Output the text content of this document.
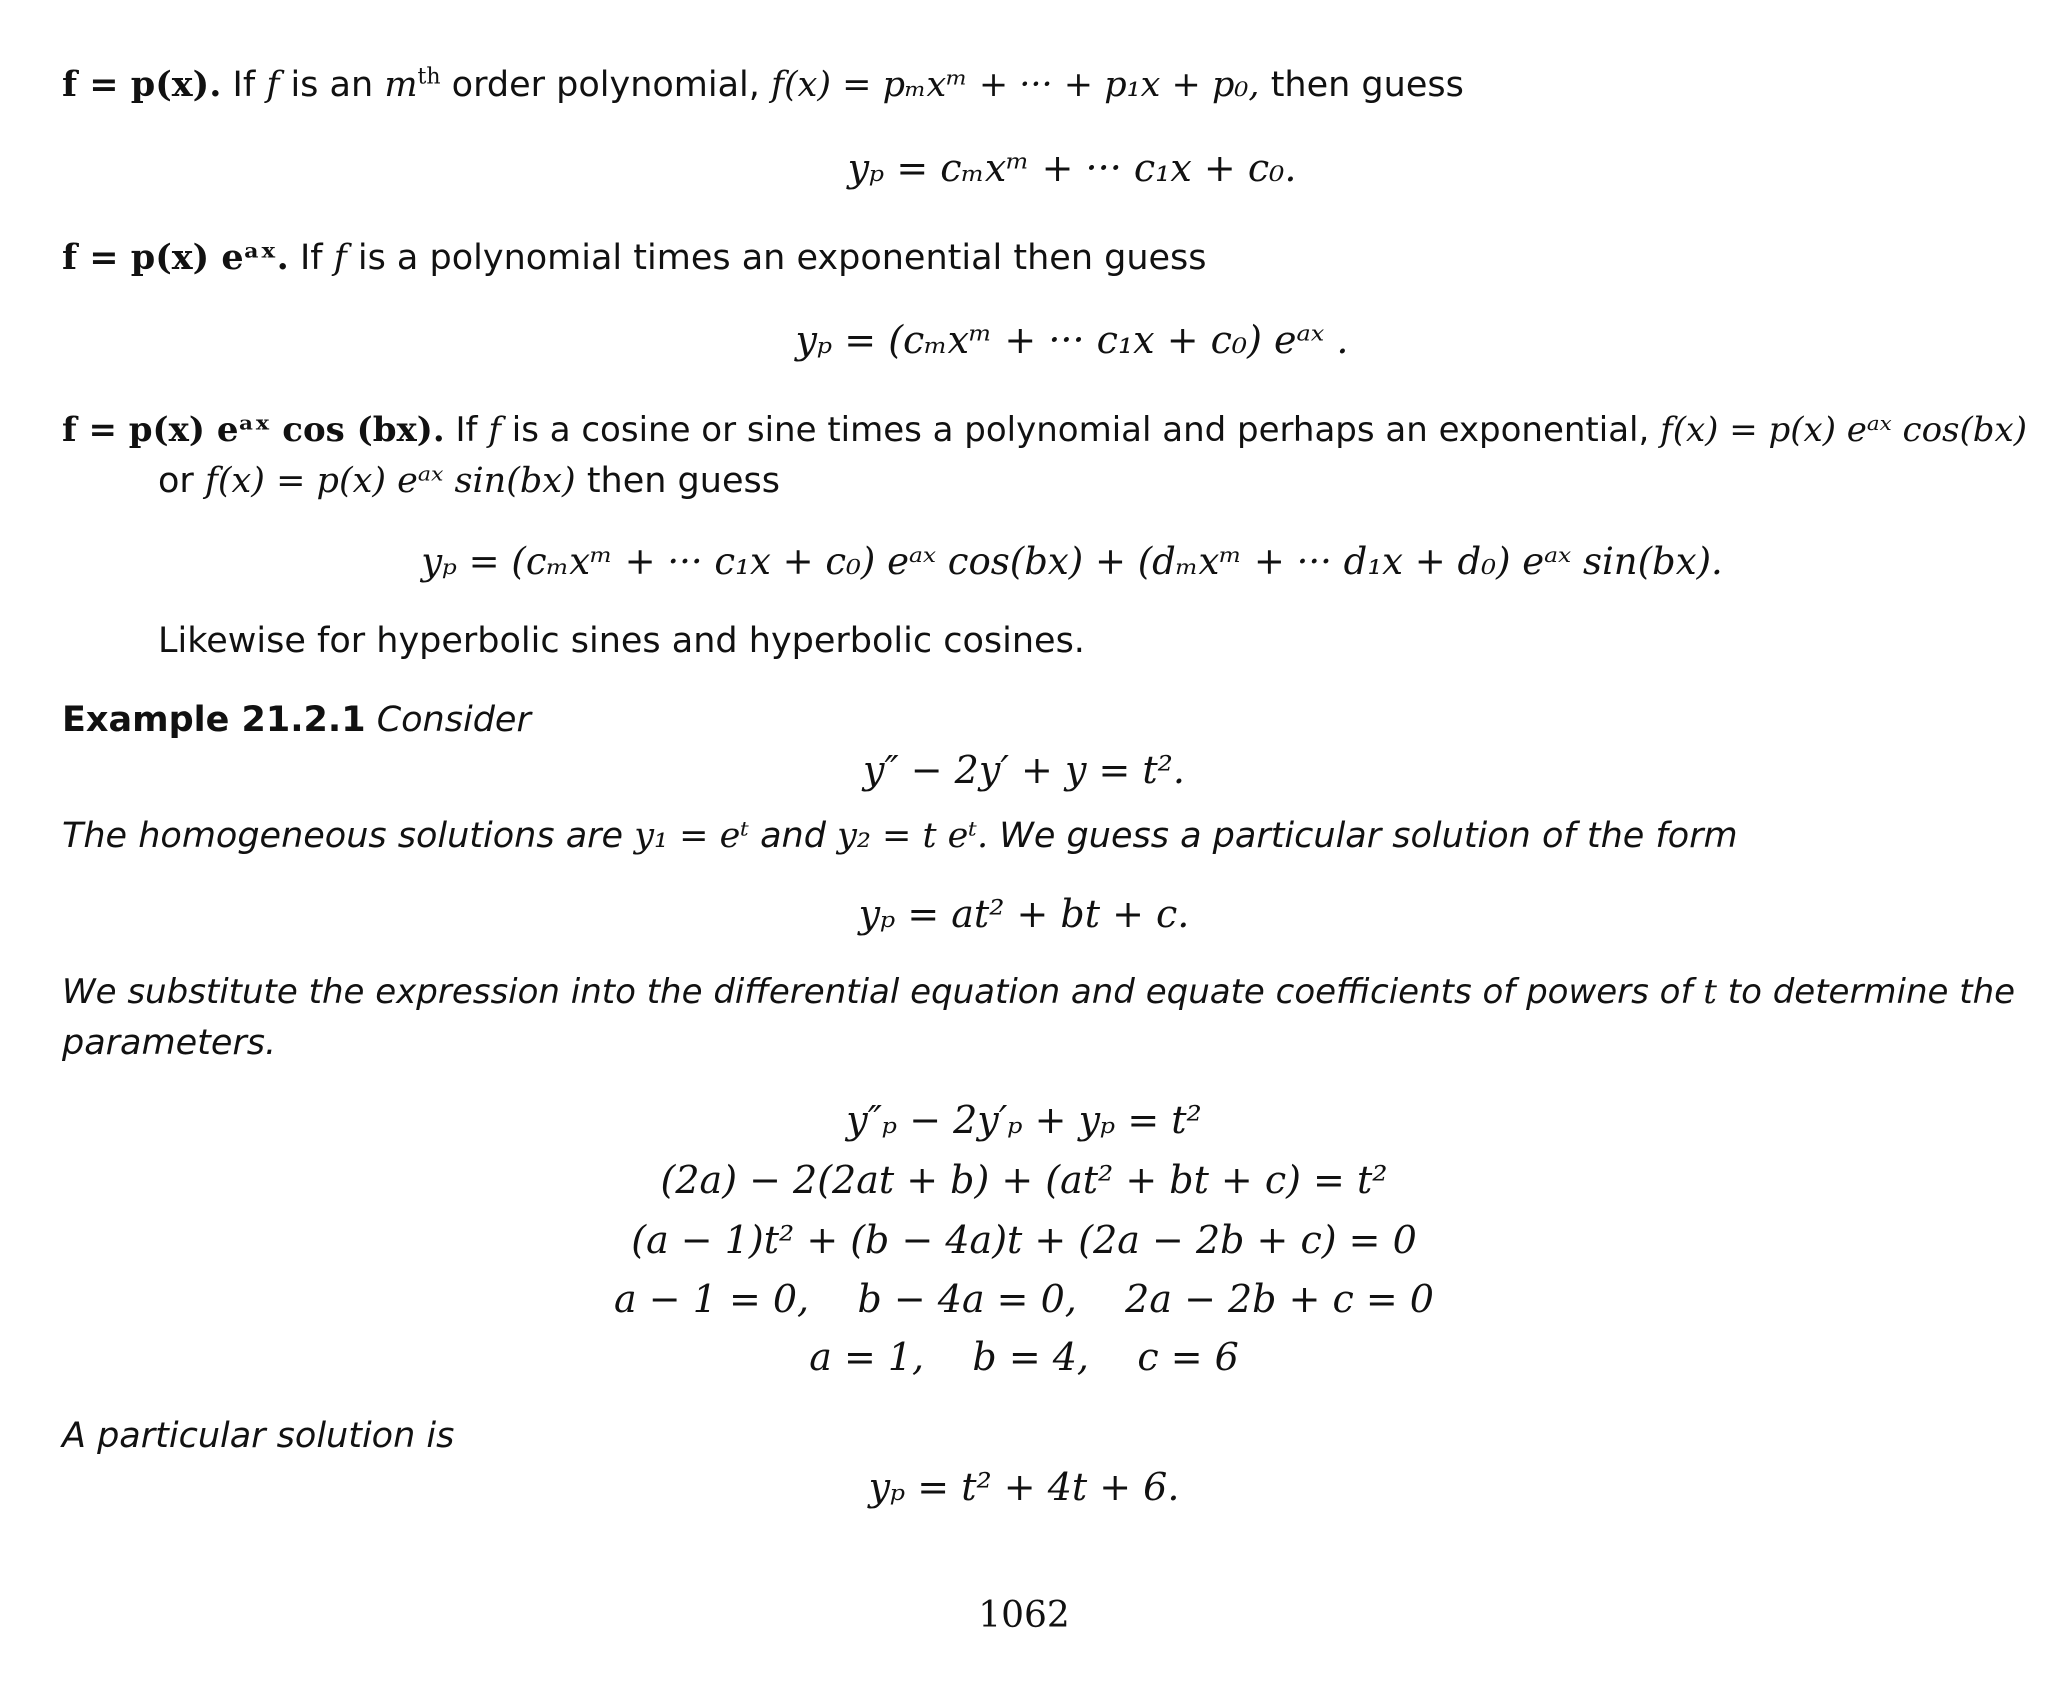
f = p(x). If f is an $m^{th}$ order polynomial, f(x) = pₘxᵐ + ··· + p₁x + p₀, then guess
yₚ = cₘxᵐ + ··· c₁x + c₀.
f = p(x) eᵃˣ. If f is a polynomial times an exponential then guess
yₚ = (cₘxᵐ + ··· c₁x + c₀) eᵃˣ .
f = p(x) eᵃˣ cos (bx). If f is a cosine or sine times a polynomial and perhaps an exponential, f(x) = p(x) eᵃˣ cos(bx)
or f(x) = p(x) eᵃˣ sin(bx) then guess
yₚ = (cₘxᵐ + ··· c₁x + c₀) eᵃˣ cos(bx) + (dₘxᵐ + ··· d₁x + d₀) eᵃˣ sin(bx).
Likewise for hyperbolic sines and hyperbolic cosines.
Example 21.2.1 Consider
y″ − 2y′ + y = t².
The homogeneous solutions are y₁ = eᵗ and y₂ = t eᵗ. We guess a particular solution of the form
yₚ = at² + bt + c.
We substitute the expression into the differential equation and equate coefficients of powers of t to determine the
parameters.
y″ₚ − 2y′ₚ + yₚ = t²
(2a) − 2(2at + b) + (at² + bt + c) = t²
(a − 1)t² + (b − 4a)t + (2a − 2b + c) = 0
a − 1 = 0,    b − 4a = 0,    2a − 2b + c = 0
a = 1,    b = 4,    c = 6
A particular solution is
yₚ = t² + 4t + 6.
1062
